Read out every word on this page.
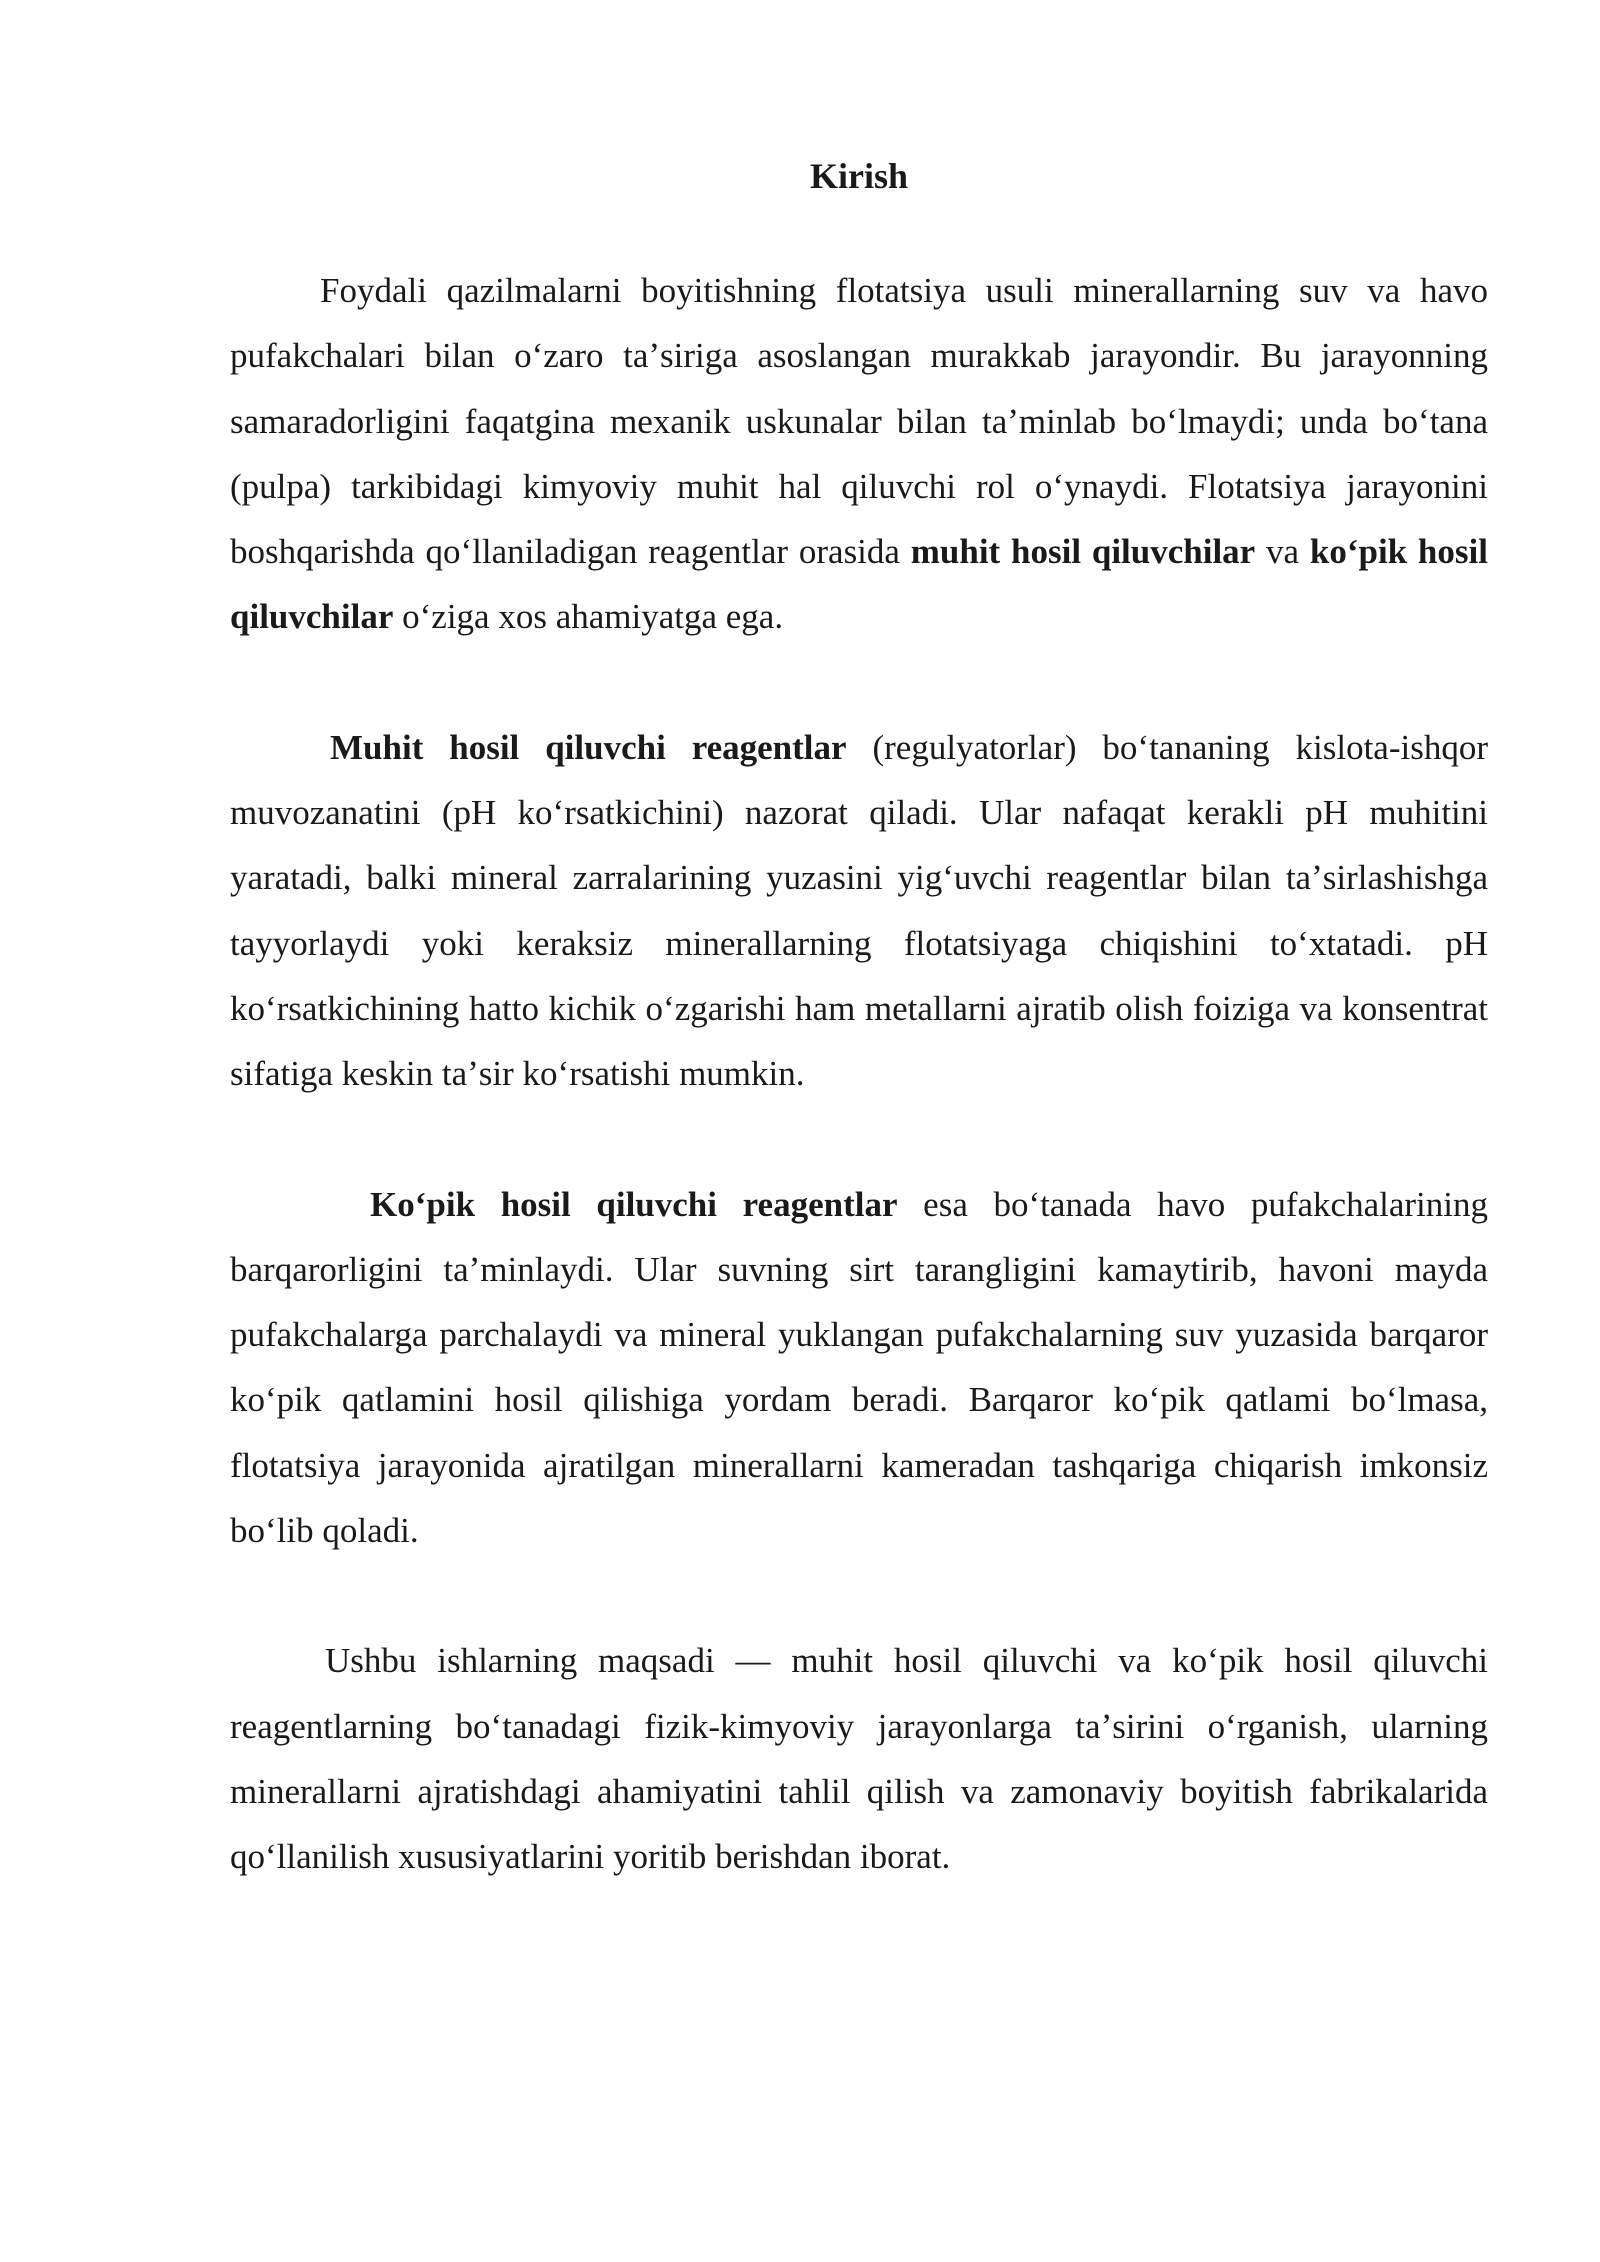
Kirish

Foydali qazilmalarni boyitishning flotatsiya usuli minerallarning suv va havo pufakchalari bilan oʻzaro taʼsiriga asoslangan murakkab jarayondir. Bu jarayonning samaradorligini faqatgina mexanik uskunalar bilan taʼminlab boʻlmaydi; unda boʻtana (pulpa) tarkibidagi kimyoviy muhit hal qiluvchi rol oʻynaydi. Flotatsiya jarayonini boshqarishda qoʻllaniladigan reagentlar orasida muhit hosil qiluvchilar va koʻpik hosil qiluvchilar oʻziga xos ahamiyatga ega.

Muhit hosil qiluvchi reagentlar (regulyatorlar) boʻtananing kislota-ishqor muvozanatini (pH koʻrsatkichini) nazorat qiladi. Ular nafaqat kerakli pH muhitini yaratadi, balki mineral zarralarining yuzasini yigʻuvchi reagentlar bilan taʼsirlashishga tayyorlaydi yoki keraksiz minerallarning flotatsiyaga chiqishini toʻxtatadi. pH koʻrsatkichining hatto kichik oʻzgarishi ham metallarni ajratib olish foiziga va konsentrat sifatiga keskin taʼsir koʻrsatishi mumkin.

Koʻpik hosil qiluvchi reagentlar esa boʻtanada havo pufakchalarining barqarorligini taʼminlaydi. Ular suvning sirt tarangligini kamaytirib, havoni mayda pufakchalarga parchalaydi va mineral yuklangan pufakchalarning suv yuzasida barqaror koʻpik qatlamini hosil qilishiga yordam beradi. Barqaror koʻpik qatlami boʻlmasa, flotatsiya jarayonida ajratilgan minerallarni kameradan tashqariga chiqarish imkonsiz boʻlib qoladi.

Ushbu ishlarning maqsadi — muhit hosil qiluvchi va koʻpik hosil qiluvchi reagentlarning boʻtanadagi fizik-kimyoviy jarayonlarga taʼsirini oʻrganish, ularning minerallarni ajratishdagi ahamiyatini tahlil qilish va zamonaviy boyitish fabrikalarida qoʻllanilish xususiyatlarini yoritib berishdan iborat.
